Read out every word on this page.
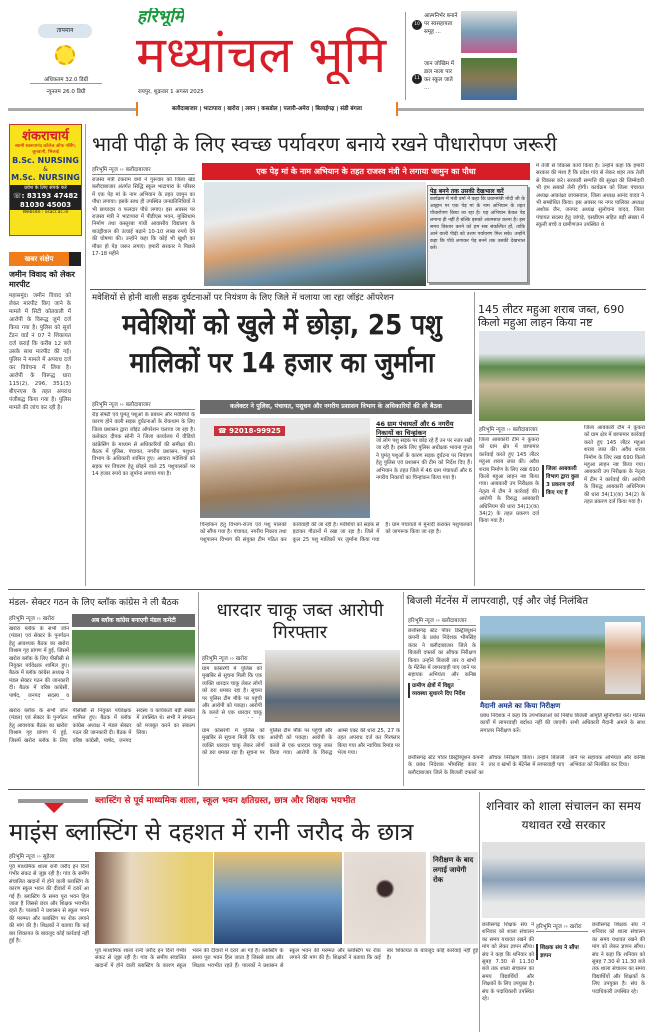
तापमान
अधिकतम 32.0 डिग्री
न्यूनतम 26.0 डिग्री
हरिभूमि
मध्यांचल भूमि
रायपुर, शुक्रवार 1 अगस्त 2025
10
आत्मनिर्भर बनाने पर स्वसहायता समूह ...
11
जान जोखिम में डाल नाला पार कर स्कूल जाते ...
बलौदाबाजार | भाटापारा | खरोरा | लवन | कसडोल | पलारी-अमेरा | बिलाईगढ़ | संडी बंगला
शंकराचार्य
स्वामी स्वरूपानंद कॉलेज ऑफ नर्सिंग, जुनवानी, भिलाई
B.Sc. NURSING
&
M.Sc. NURSING
प्रवेश के लिए संपर्क करें
☏: 83193 47482
81030 45003
Website : ssacr.ac.in
खबर संक्षेप
जमीन विवाद को लेकर मारपीट
महासमुंद। जमीन विवाद को लेकर मारपीट किए जाने के मामले में सिटी कोतवाली में आरोपी के विरूद्ध जुर्म दर्ज किया गया है। पुलिस को सूर्या टेंडन वार्ड नं 07 ने शिकायत दर्ज कराई कि करीब 12 बजे उसके साथ मारपीट की गई। पुलिस ने मामले में अपराध दर्ज कर विवेचना में लिया है। आरोपी के विरूद्ध धारा 115(2), 296, 351(3) बीएनएस के तहत अपराध पंजीबद्ध किया गया है। पुलिस मामले की जांच कर रही है।
भावी पीढ़ी के लिए स्वच्छ पर्यावरण बनाये रखने पौधारोपण जरूरी
हरिभूमि न्यूज ›› बलौदाबाजार
राजस्व मंत्री टंकराम वर्मा ने गुरूवार को जिला खंड बलौदाबाजार अंतर्गत सिद्धि स्कूल भाटापारा के परिसर में एक पेड़ मां के नाम अभियान के तहत जामुन का पौधा लगाया। इसके साथ ही उपस्थित जनप्रतिनिधियों ने भी छायादार व फलदार पौधे लगाए। इस अवसर पर राजस्व मंत्री ने भाटापारा में पीडीएस भवन, मुक्तिधाम निर्माण तथा कस्तूरबा गांधी आवासीय विद्यालय के बाउंड्रीवाल की ऊंचाई बढ़ाने 10-10 लाख रुपये देने की घोषणा की। उन्होंने कहा कि कोई भी खुशी का मौका हो पेड़ जरूर लगाएं। हमारी सरकार ने पिछले 17-18 महीने
एक पेड़ मां के नाम अभियान के तहत राजस्व मंत्री ने लगाया जामुन का पौधा
पेड़ बनने तक उसकी देखभाल करें
कार्यक्रम में मंत्री वर्मा ने कहा कि प्रधानमंत्री मोदी जी के आह्वान पर एक पेड़ मां के नाम अभियान के तहत पौधारोपण किया जा रहा है। यह अभियान केवल पेड़ लगाना ही नहीं है बल्कि इसको आत्मसात करना है। इस समय विस्तार करने को हम सब संकल्पित हों, ताकि आने वाली पीढ़ी को उत्तम पर्यावरण मिल सके। उन्होंने कहा कि पौधे लगाकर पेड़ बनने तक उसकी देखभाल करें।
में तेजी से विकास कार्य किया है। उन्होंने कहा कि हमारी सरकार की मंशा है कि प्रदेश गांव से लेकर शहर तक तेजी से विकास करे। सरकारी सम्पत्ति की सुरक्षा की जिम्मेदारी भी हम सबको लेनी होगी। कार्यक्रम को जिला पंचायत अध्यक्ष आकांक्षा जायसवाल, जिला अध्यक्ष आनंद यादव ने भी सम्बोधित किया। इस अवसर पर नगर पालिका अध्यक्ष अशोक जैन, जनपद अध्यक्ष सुलोचना यादव, जिला पंचायत सदस्य हेतु जांगड़े, एसडीएम सहित बड़ी संख्या में स्कूली बच्चे व ग्रामीणजन उपस्थित थे
मवेशियों से होनी वाली सड़क दुर्घटनाओं पर नियंत्रण के लिए जिले में चलाया जा रहा जॉइंट ऑपरेशन
मवेशियों को खुले में छोड़ा, 25 पशु मालिकों पर 14 हजार का जुर्माना
हरिभूमि न्यूज ›› बलौदाबाजार
रोड़ सेफ्टी एवं घुमंतू पशुओं के प्रबंधन और मवेशियों के कारण होने वाली सड़क दुर्घटनाओं के रोकथाम के लिए जिला प्रशासन द्वारा जॉइंट ऑपरेशन चलाया जा रहा है। कलेक्टर दीपक सोनी ने जिला कार्यालय में वीडियो कांफ्रेंसिंग के माध्यम से अधिकारियों की समीक्षा की। बैठक में पुलिस, पंचायत, नगरीय प्रशासन, पशुधन विभाग के अधिकारी शामिल हुए। आवारा मवेशियों को सड़क पर विचरण हेतु छोड़ने वाले 25 पशुपालकों पर 14 हजार रुपये का जुर्माना लगाया गया है।
कलेक्टर ने पुलिस, पंचायत, पशुधन और नगरीय प्रशासन विभाग के अधिकारियों की ली बैठक
☎ 92018-99925
46 ग्राम पंचायतों और 6 नगरीय निकायों का चिन्हांकन
जो लोग पशु सड़क पर छोड़ रहे हैं उन पर नजर रखी जा रही है। इसके लिए पुलिस अधीक्षक भावना गुप्ता ने घुमंतू पशुओं के कारण सड़क दुर्घटना पर नियंत्रण हेतु पुलिस एवं प्रशासन की टीम को निर्देश दिए हैं। अभियान के तहत जिले में 46 ग्राम पंचायतों और 6 नगरीय निकायों का चिन्हांकन किया गया है।
चिन्हांकन हेतु विभाग-राज्य एवं पशु पालकों को सौंपा गया है। पंचायत, नगरीय निकाय तथा पशुपालन विभाग की संयुक्त टीम गठित कर कार्यवाही की जा रही है। मवेशियों को सड़क से हटाकर गौठानों में रखा जा रहा है। जिले में कुल 25 पशु मालिकों पर जुर्माना किया गया है। ग्राम पंचायतों में मुनादी कराकर पशुपालकों को जागरूक किया जा रहा है।
145 लीटर महुआ शराब जब्त, 690 किलो महुआ लाहन किया नष्ट
हरिभूमि न्यूज ›› बलौदाबाजार
जिला आबकारी टीम ने कुकरा को ग्राम क्षेत्र में छापामार कार्रवाई करते हुए 145 लीटर महुआ शराब जब्त की। अवैध शराब निर्माण के लिए रखा 690 किलो महुआ लाहन नष्ट किया गया। आबकारी उप निरीक्षक के नेतृत्व में टीम ने कार्रवाई की। आरोपी के विरुद्ध आबकारी अधिनियम की धारा 34(1)(क) 34(2) के तहत प्रकरण दर्ज किया गया है।
जिला आबकारी विभाग द्वारा कुल 3 प्रकरण दर्ज किए गए हैं
जिला आबकारी टीम ने कुकरा को ग्राम क्षेत्र में छापामार कार्रवाई करते हुए 145 लीटर महुआ शराब जब्त की। अवैध शराब निर्माण के लिए रखा 690 किलो महुआ लाहन नष्ट किया गया। आबकारी उप निरीक्षक के नेतृत्व में टीम ने कार्रवाई की। आरोपी के विरुद्ध आबकारी अधिनियम की धारा 34(1)(क) 34(2) के तहत प्रकरण दर्ज किया गया है।
मंडल- सेक्टर गठन के लिए ब्लॉक कांग्रेस ने ली बैठक
हरिभूमि न्यूज ›› खरोरा
खरोरा ब्लॉक के सभी जोन (मंडल) एवं सेक्टर के पुनर्गठन हेतु आवश्यक बैठक का खरोरा विश्राम गृह प्रांगण में हुई, जिसमें खरोरा ब्लॉक के लिए पीसीसी से नियुक्त पर्यवेक्षक शामिल हुए। बैठक में ब्लॉक कांग्रेस अध्यक्ष ने मंडल सेक्टर गठन की जानकारी दी। बैठक में वरिष्ठ कांग्रेसी, पार्षद, जनपद सदस्य व
अब ब्लॉक कांग्रेस बनाएगी मंडल कमेटी
खरोरा ब्लॉक के सभी जोन (मंडल) एवं सेक्टर के पुनर्गठन हेतु आवश्यक बैठक का खरोरा विश्राम गृह प्रांगण में हुई, जिसमें खरोरा ब्लॉक के लिए पीसीसी से नियुक्त पर्यवेक्षक शामिल हुए। बैठक में ब्लॉक कांग्रेस अध्यक्ष ने मंडल सेक्टर गठन की जानकारी दी। बैठक में वरिष्ठ कांग्रेसी, पार्षद, जनपद सदस्य व कार्यकर्ता बड़ी संख्या में उपस्थित थे। सभी ने संगठन को मजबूत करने का संकल्प लिया।
धारदार चाकू जब्त आरोपी गिरफ्तार
हरिभूमि न्यूज ›› खरोरा
ग्राम कोसरंगी में पुलिस को मुखबिर से सूचना मिली कि एक व्यक्ति धारदार चाकू लेकर लोगों को डरा धमका रहा है। सूचना पर पुलिस टीम मौके पर पहुंची और आरोपी को पकड़ा। आरोपी के कब्जे से एक धारदार चाकू
ग्राम कोसरंगी में पुलिस को मुखबिर से सूचना मिली कि एक व्यक्ति धारदार चाकू लेकर लोगों को डरा धमका रहा है। सूचना पर पुलिस टीम मौके पर पहुंची और आरोपी को पकड़ा। आरोपी के कब्जे से एक धारदार चाकू जब्त किया गया। आरोपी के विरुद्ध आर्म्स एक्ट की धारा 25, 27 के तहत अपराध दर्ज कर गिरफ्तार किया गया और न्यायिक रिमांड पर भेजा गया।
बिजली मेंटनेंस में लापरवाही, एई और जेई निलंबित
हरिभूमि न्यूज ›› बलौदाबाजार
छत्तीसगढ़ स्टेट पॉवर डिस्ट्रीब्यूशन कंपनी के प्रबंध निदेशक भीमसिंह कंवर ने बलौदाबाजार जिले के बिजली दफ्तरों का औचक निरीक्षण किया। उन्होंने बिजली तार व खंभों के मेंटेनेंस में लापरवाही पाए जाने पर सहायक अभियंता और कनिष्ठ
ग्रामीण क्षेत्रों में विद्युत व्यवस्था सुधारने दिए निर्देश
मैदानी अमले का किया निरीक्षण
प्रबंध निदेशक ने कहा कि उपभोक्ताओं को निर्बाध बिजली आपूर्ति सुनिश्चित करें। मेंटेनेंस कार्यों में लापरवाही बर्दाश्त नहीं की जाएगी। सभी अधिकारी मैदानी अमले के साथ लगातार निरीक्षण करें।
छत्तीसगढ़ स्टेट पॉवर डिस्ट्रीब्यूशन कंपनी के प्रबंध निदेशक भीमसिंह कंवर ने बलौदाबाजार जिले के बिजली दफ्तरों का औचक निरीक्षण किया। उन्होंने बिजली तार व खंभों के मेंटेनेंस में लापरवाही पाए जाने पर सहायक अभियंता और कनिष्ठ अभियंता को निलंबित कर दिया।
ब्लास्टिंग से पूर्व माध्यमिक शाला, स्कूल भवन क्षतिग्रस्त, छात्र और शिक्षक भयभीत
माइंस ब्लास्टिंग से दहशत में रानी जरौद के छात्र
हरिभूमि न्यूज ›› सुहेला
पूर्व माध्यमिक शाला रानी जरौद इन दिनों गंभीर संकट से जूझ रही है। गांव के समीप संचालित खदानों में होने वाली ब्लास्टिंग के कारण स्कूल भवन की दीवारों में दरारें आ गई हैं। ब्लास्टिंग के समय पूरा भवन हिल जाता है जिससे छात्र और शिक्षक भयभीत रहते हैं। पालकों ने प्रशासन से स्कूल भवन की मरम्मत और ब्लास्टिंग पर रोक लगाने की मांग की है। शिक्षकों ने बताया कि कई बार शिकायत के बावजूद कोई कार्रवाई नहीं हुई है।
निरीक्षण के बाद लगाई जायेगी रोक
पूर्व माध्यमिक शाला रानी जरौद इन दिनों गंभीर संकट से जूझ रही है। गांव के समीप संचालित खदानों में होने वाली ब्लास्टिंग के कारण स्कूल भवन की दीवारों में दरारें आ गई हैं। ब्लास्टिंग के समय पूरा भवन हिल जाता है जिससे छात्र और शिक्षक भयभीत रहते हैं। पालकों ने प्रशासन से स्कूल भवन की मरम्मत और ब्लास्टिंग पर रोक लगाने की मांग की है। शिक्षकों ने बताया कि कई बार शिकायत के बावजूद कोई कार्रवाई नहीं हुई है।
शनिवार को शाला संचालन का समय यथावत रखे सरकार
छत्तीसगढ़ शिक्षक संघ ने शनिवार को शाला संचालन का समय यथावत रखने की मांग को लेकर ज्ञापन सौंपा। संघ ने कहा कि शनिवार को सुबह 7.30 से 11.30 बजे तक शाला संचालन का समय विद्यार्थियों और शिक्षकों के लिए उपयुक्त है। संघ के पदाधिकारी उपस्थित रहे।
हरिभूमि न्यूज ›› खरोरा
शिक्षक संघ ने सौंपा ज्ञापन
छत्तीसगढ़ शिक्षक संघ ने शनिवार को शाला संचालन का समय यथावत रखने की मांग को लेकर ज्ञापन सौंपा। संघ ने कहा कि शनिवार को सुबह 7.30 से 11.30 बजे तक शाला संचालन का समय विद्यार्थियों और शिक्षकों के लिए उपयुक्त है। संघ के पदाधिकारी उपस्थित रहे।
